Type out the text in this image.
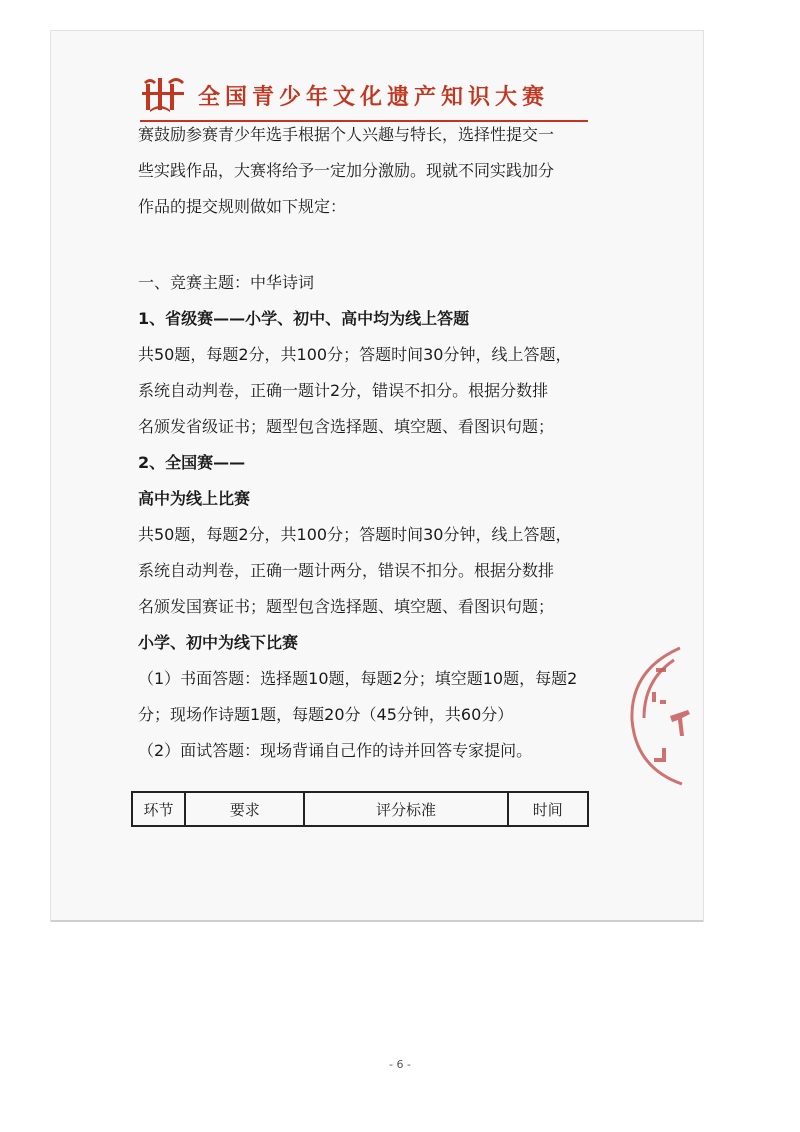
全国青少年文化遗产知识大赛
赛鼓励参赛青少年选手根据个人兴趣与特长，选择性提交一
些实践作品，大赛将给予一定加分激励。现就不同实践加分
作品的提交规则做如下规定：
一、竞赛主题：中华诗词
1、省级赛——小学、初中、高中均为线上答题
共50题，每题2分，共100分；答题时间30分钟，线上答题，
系统自动判卷，正确一题计2分，错误不扣分。根据分数排
名颁发省级证书；题型包含选择题、填空题、看图识句题；
2、全国赛——
高中为线上比赛
共50题，每题2分，共100分；答题时间30分钟，线上答题，
系统自动判卷，正确一题计两分，错误不扣分。根据分数排
名颁发国赛证书；题型包含选择题、填空题、看图识句题；
小学、初中为线下比赛
（1）书面答题：选择题10题，每题2分；填空题10题，每题2
分；现场作诗题1题，每题20分（45分钟，共60分）
（2）面试答题：现场背诵自己作的诗并回答专家提问。
环节	要求	评分标准	时间
- 6 -
